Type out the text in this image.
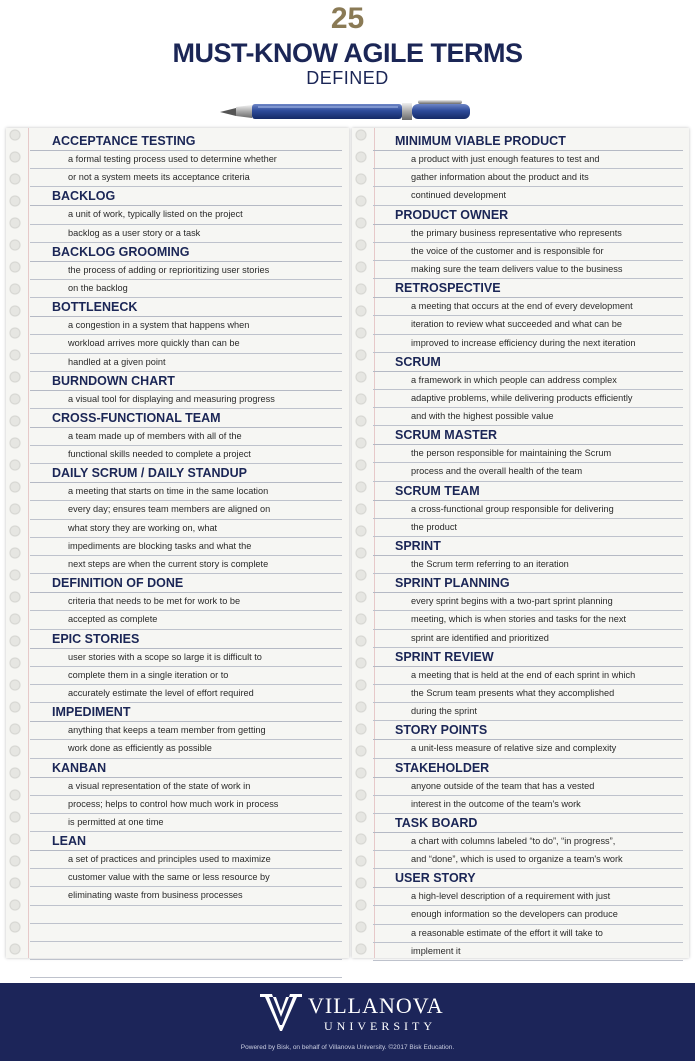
25
MUST-KNOW AGILE TERMS
DEFINED
ACCEPTANCE TESTING
a formal testing process used to determine whether
or not a system meets its acceptance criteria
BACKLOG
a unit of work, typically listed on the project
backlog as a user story or a task
BACKLOG GROOMING
the process of adding or reprioritizing user stories
on the backlog
BOTTLENECK
a congestion in a system that happens when
workload arrives more quickly than can be
handled at a given point
BURNDOWN CHART
a visual tool for displaying and measuring progress
CROSS-FUNCTIONAL TEAM
a team made up of members with all of the
functional skills needed to complete a project
DAILY SCRUM / DAILY STANDUP
a meeting that starts on time in the same location
every day; ensures team members are aligned on
what story they are working on, what
impediments are blocking tasks and what the
next steps are when the current story is complete
DEFINITION OF DONE
criteria that needs to be met for work to be
accepted as complete
EPIC STORIES
user stories with a scope so large it is difficult to
complete them in a single iteration or to
accurately estimate the level of effort required
IMPEDIMENT
anything that keeps a team member from getting
work done as efficiently as possible
KANBAN
a visual representation of the state of work in
process; helps to control how much work in process
is permitted at one time
LEAN
a set of practices and principles used to maximize
customer value with the same or less resource by
eliminating waste from business processes
MINIMUM VIABLE PRODUCT
a product with just enough features to test and
gather information about the product and its
continued development
PRODUCT OWNER
the primary business representative who represents
the voice of the customer and is responsible for
making sure the team delivers value to the business
RETROSPECTIVE
a meeting that occurs at the end of every development
iteration to review what succeeded and what can be
improved to increase efficiency during the next iteration
SCRUM
a framework in which people can address complex
adaptive problems, while delivering products efficiently
and with the highest possible value
SCRUM MASTER
the person responsible for maintaining the Scrum
process and the overall health of the team
SCRUM TEAM
a cross-functional group responsible for delivering
the product
SPRINT
the Scrum term referring to an iteration
SPRINT PLANNING
every sprint begins with a two-part sprint planning
meeting, which is when stories and tasks for the next
sprint are identified and prioritized
SPRINT REVIEW
a meeting that is held at the end of each sprint in which
the Scrum team presents what they accomplished
during the sprint
STORY POINTS
a unit-less measure of relative size and complexity
STAKEHOLDER
anyone outside of the team that has a vested
interest in the outcome of the team's work
TASK BOARD
a chart with columns labeled “to do”, “in progress”,
and “done”, which is used to organize a team's work
USER STORY
a high-level description of a requirement with just
enough information so the developers can produce
a reasonable estimate of the effort it will take to
implement it
VILLANOVA
UNIVERSITY
Powered by Bisk, on behalf of Villanova University. ©2017 Bisk Education.
